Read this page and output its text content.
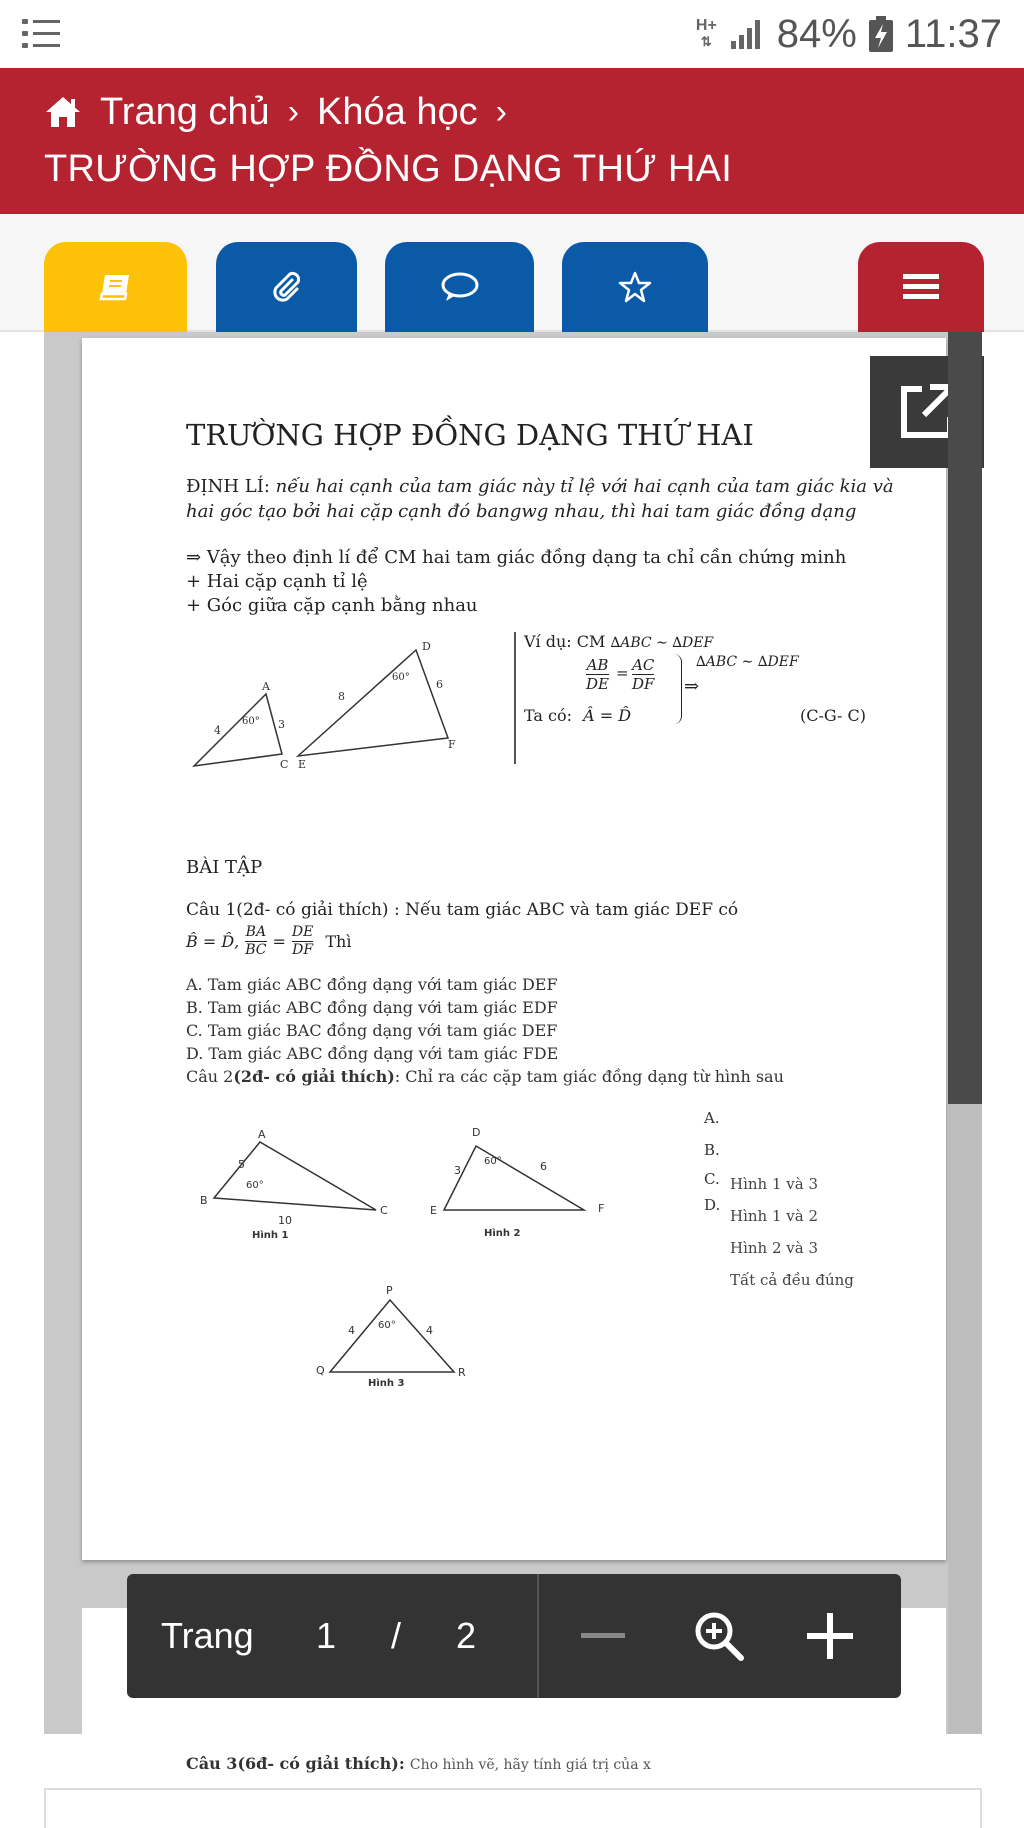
H+
⇅ 84% 11:37
Trang chủ › Khóa học ›
TRƯỜNG HỢP ĐỒNG DẠNG THỨ HAI
TRƯỜNG HỢP ĐỒNG DẠNG THỨ HAI
ĐỊNH LÍ: nếu hai cạnh của tam giác này tỉ lệ với hai cạnh của tam giác kia và hai góc tạo bởi hai cặp cạnh đó bangwg nhau, thì hai tam giác đồng dạng
⇒ Vậy theo định lí để CM hai tam giác đồng dạng ta chỉ cần chứng minh
+ Hai cặp cạnh tỉ lệ
+ Góc giữa cặp cạnh bằng nhau
A
C
4	3
60°
D
E
F
8
6
60°
Ví dụ: CM ∆ABC ∼ ∆DEF
AB
DE
= AC
DF ⇒
∆ABC ∼ ∆DEF
Ta có: Â = D̂	(C-G- C)
BÀI TẬP
Câu 1(2đ- có giải thích) : Nếu tam giác ABC và tam giác DEF có
B̂ = D̂, $\frac{BA}{BC} = \frac{DE}{DF}$ Thì
A. Tam giác ABC đồng dạng với tam giác DEF
B. Tam giác ABC đồng dạng với tam giác EDF
C. Tam giác BAC đồng dạng với tam giác DEF
D. Tam giác ABC đồng dạng với tam giác FDE
Câu 2(2đ- có giải thích): Chỉ ra các cặp tam giác đồng dạng từ hình sau
B
A
C
5
10
60°
Hình 1
D
E	F
3	6
60°
Hình 2
P
Q	R
4	4
60°
Hình 3
A.
B.
C.
D.
Hình 1 và 3
Hình 1 và 2
Hình 2 và 3
Tất cả đều đúng
Câu 3(6đ- có giải thích): Cho hình vẽ, hãy tính giá trị của x
Trang	1	/	2
